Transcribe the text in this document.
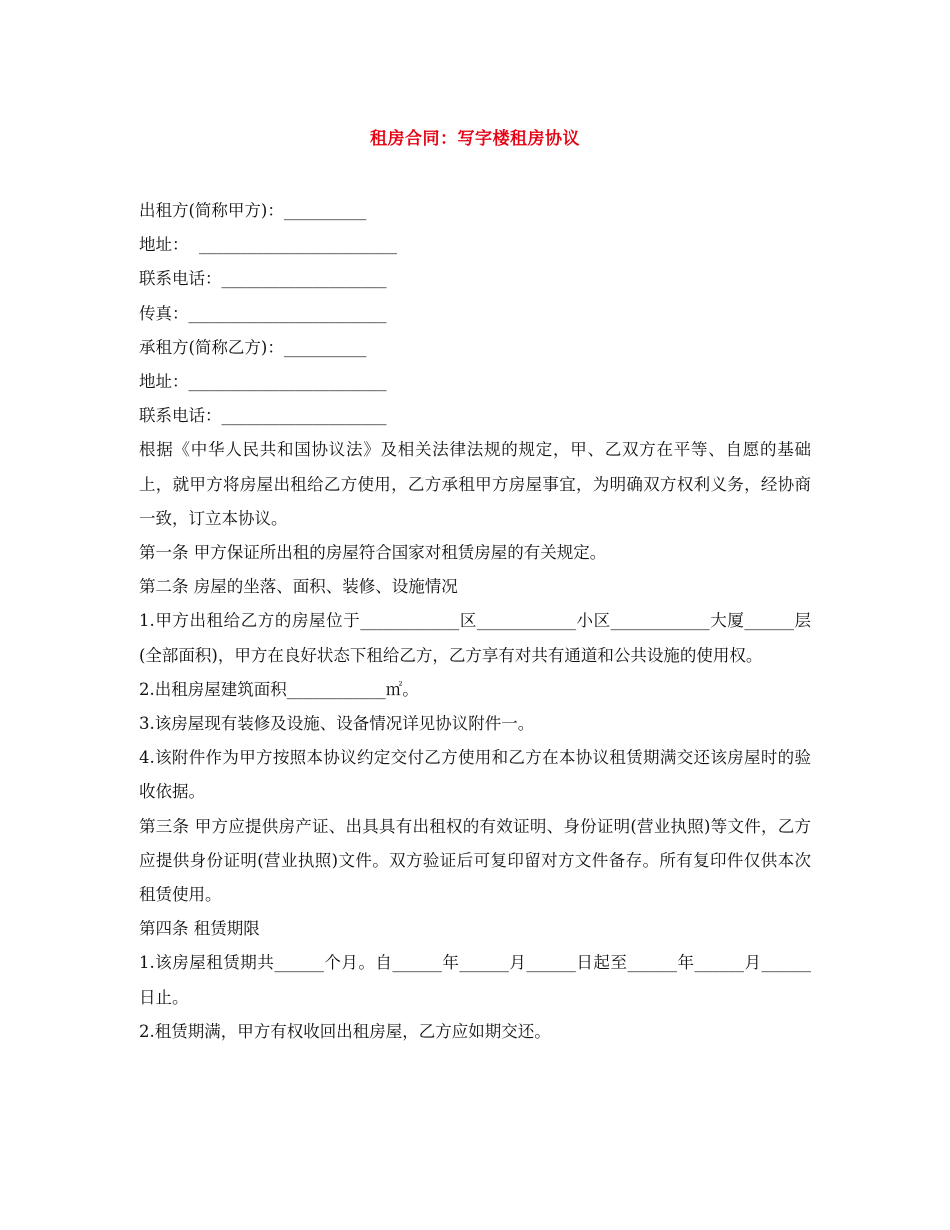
租房合同：写字楼租房协议
出租方(简称甲方)：__________
地址：  ________________________
联系电话：____________________
传真：________________________
承租方(简称乙方)：__________
地址：________________________
联系电话：____________________

根据《中华人民共和国协议法》及相关法律法规的规定，甲、乙双方在平等、自愿的基础上，就甲方将房屋出租给乙方使用，乙方承租甲方房屋事宜，为明确双方权利义务，经协商一致，订立本协议。

第一条 甲方保证所出租的房屋符合国家对租赁房屋的有关规定。

第二条 房屋的坐落、面积、装修、设施情况

1.甲方出租给乙方的房屋位于____________区____________小区____________大厦______层(全部面积)，甲方在良好状态下租给乙方，乙方享有对共有通道和公共设施的使用权。

2.出租房屋建筑面积____________㎡。

3.该房屋现有装修及设施、设备情况详见协议附件一。

4.该附件作为甲方按照本协议约定交付乙方使用和乙方在本协议租赁期满交还该房屋时的验收依据。

第三条 甲方应提供房产证、出具具有出租权的有效证明、身份证明(营业执照)等文件，乙方应提供身份证明(营业执照)文件。双方验证后可复印留对方文件备存。所有复印件仅供本次租赁使用。

第四条 租赁期限

1.该房屋租赁期共______个月。自______年______月______日起至______年______月______日止。

2.租赁期满，甲方有权收回出租房屋，乙方应如期交还。
